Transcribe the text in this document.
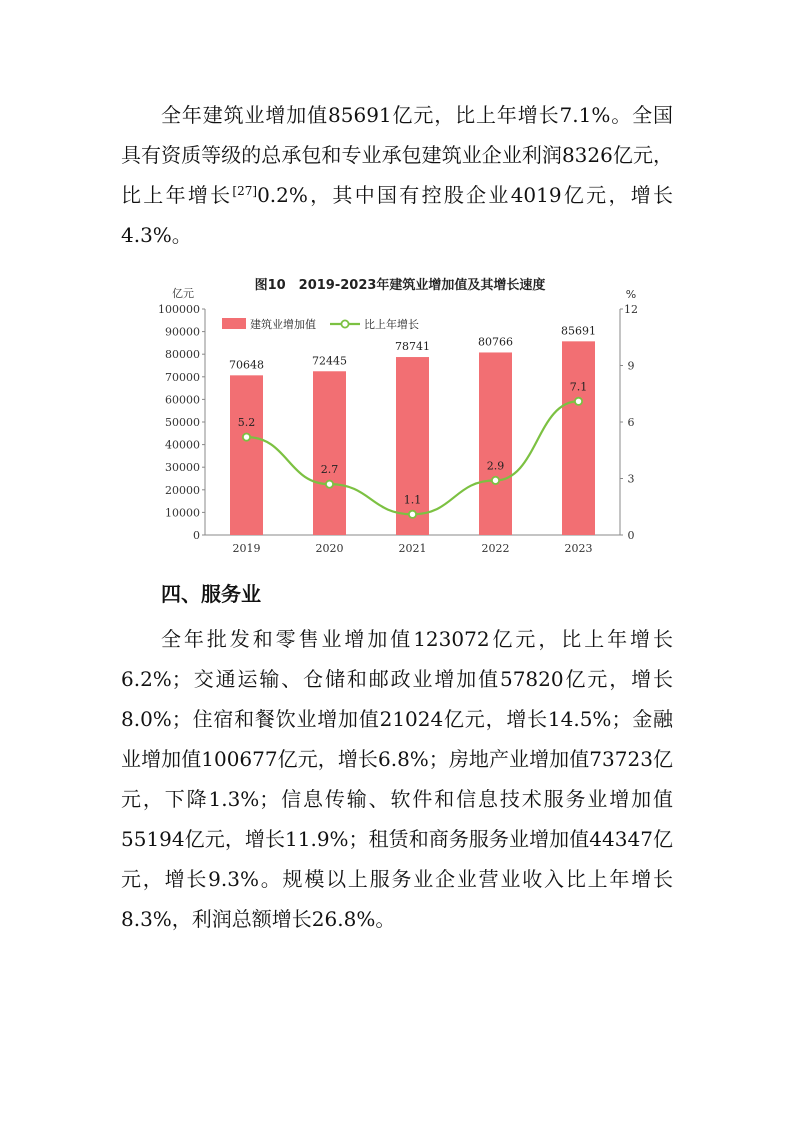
全年建筑业增加值85691亿元，比上年增长7.1%。全国具有资质等级的总承包和专业承包建筑业企业利润8326亿元，比上年增长[27]0.2%，其中国有控股企业4019亿元，增长4.3%。

图10　2019-2023年建筑业增加值及其增长速度
亿元	%
0
10000
20000
30000
40000
50000
60000
70000
80000
90000
100000
0
3
6
9
12
2019	2020	2021	2022	2023
70648	72445
78741	80766
85691
5.2
2.7
1.1
2.9
7.1
建筑业增加值	比上年增长

四、服务业

全年批发和零售业增加值123072亿元，比上年增长6.2%；交通运输、仓储和邮政业增加值57820亿元，增长8.0%；住宿和餐饮业增加值21024亿元，增长14.5%；金融业增加值100677亿元，增长6.8%；房地产业增加值73723亿元，下降1.3%；信息传输、软件和信息技术服务业增加值55194亿元，增长11.9%；租赁和商务服务业增加值44347亿元，增长9.3%。规模以上服务业企业营业收入比上年增长8.3%，利润总额增长26.8%。
